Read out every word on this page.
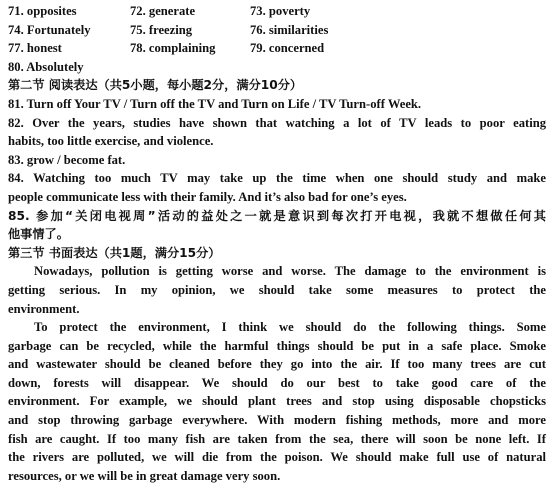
71. opposites	72. generate	73. poverty
74. Fortunately	75. freezing	76. similarities
77. honest	78. complaining	79. concerned
80. Absolutely
第二节 阅读表达（共5小题，每小题2分，满分10分）
81. Turn off Your TV / Turn off the TV and Turn on Life / TV Turn-off Week.
82. Over the years, studies have shown that watching a lot of TV leads to poor eating
habits, too little exercise, and violence.
83. grow / become fat.
84. Watching too much TV may take up the time when one should study and make
people communicate less with their family. And it’s also bad for one’s eyes.
85. 参加“关闭电视周”活动的益处之一就是意识到每次打开电视，我就不想做任何其
他事情了。
第三节 书面表达（共1题，满分15分）
Nowadays, pollution is getting worse and worse. The damage to the environment is
getting serious. In my opinion, we should take some measures to protect the
environment.
To protect the environment, I think we should do the following things. Some
garbage can be recycled, while the harmful things should be put in a safe place. Smoke
and wastewater should be cleaned before they go into the air. If too many trees are cut
down, forests will disappear. We should do our best to take good care of the
environment. For example, we should plant trees and stop using disposable chopsticks
and stop throwing garbage everywhere. With modern fishing methods, more and more
fish are caught. If too many fish are taken from the sea, there will soon be none left. If
the rivers are polluted, we will die from the poison. We should make full use of natural
resources, or we will be in great damage very soon.
